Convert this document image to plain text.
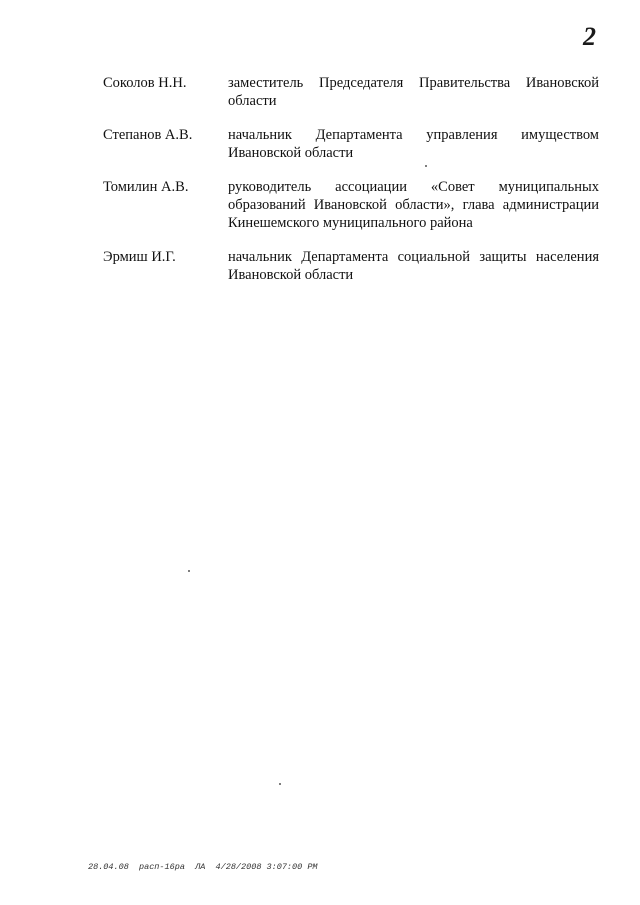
2
Соколов Н.Н.	заместитель Председателя Правительства Ивановской области
Степанов А.В.	начальник Департамента управления имуществом Ивановской области
Томилин А.В.	руководитель ассоциации «Совет муниципальных образований Ивановской области», глава администрации Кинешемского муниципального района
Эрмиш И.Г.	начальник Департамента социальной защиты населения Ивановской области
28.04.08  расп-16ра  ЛА  4/28/2008 3:07:00 PM
